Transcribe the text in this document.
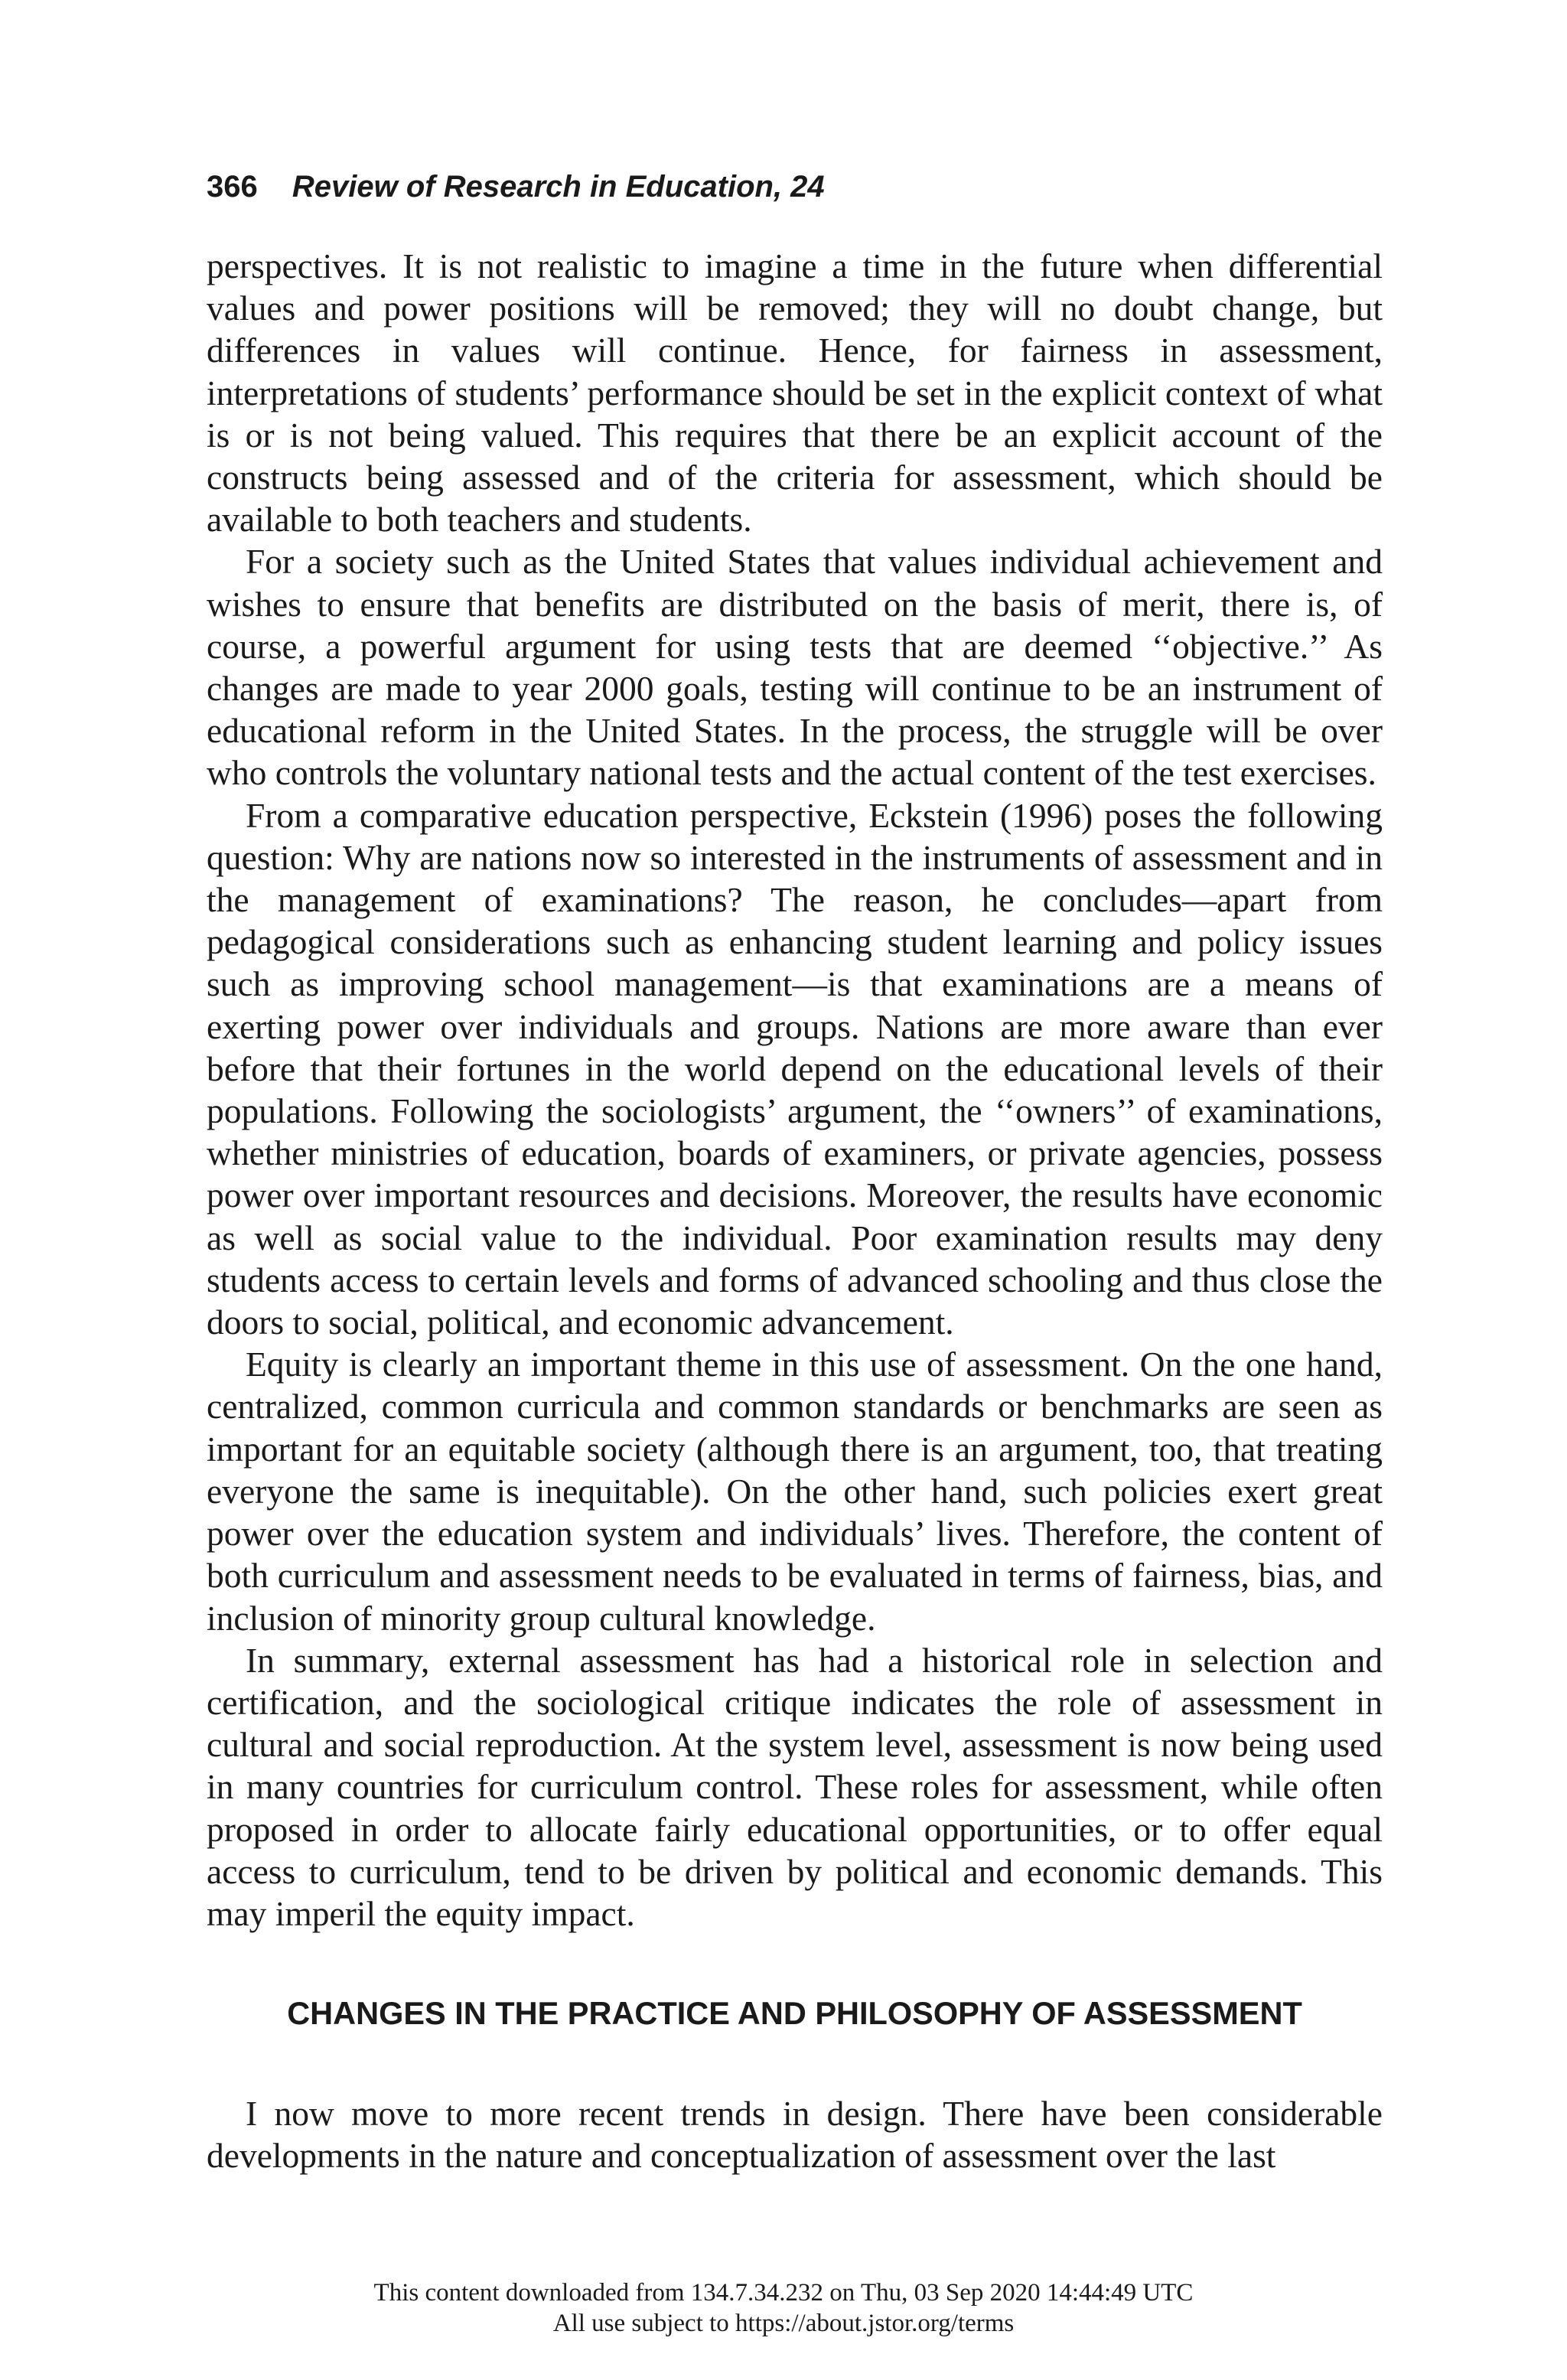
366 Review of Research in Education, 24

perspectives. It is not realistic to imagine a time in the future when differential values and power positions will be removed; they will no doubt change, but differences in values will continue. Hence, for fairness in assessment, interpretations of students’ performance should be set in the explicit context of what is or is not being valued. This requires that there be an explicit account of the constructs being assessed and of the criteria for assessment, which should be available to both teachers and students.

For a society such as the United States that values individual achievement and wishes to ensure that benefits are distributed on the basis of merit, there is, of course, a powerful argument for using tests that are deemed ‘‘objective.’’ As changes are made to year 2000 goals, testing will continue to be an instrument of educational reform in the United States. In the process, the struggle will be over who controls the voluntary national tests and the actual content of the test exercises.

From a comparative education perspective, Eckstein (1996) poses the following question: Why are nations now so interested in the instruments of assessment and in the management of examinations? The reason, he concludes—apart from pedagogical considerations such as enhancing student learning and policy issues such as improving school management—is that examinations are a means of exerting power over individuals and groups. Nations are more aware than ever before that their fortunes in the world depend on the educational levels of their populations. Following the sociologists’ argument, the ‘‘owners’’ of examinations, whether ministries of education, boards of examiners, or private agencies, possess power over important resources and decisions. Moreover, the results have economic as well as social value to the individual. Poor examination results may deny students access to certain levels and forms of advanced schooling and thus close the doors to social, political, and economic advancement.

Equity is clearly an important theme in this use of assessment. On the one hand, centralized, common curricula and common standards or benchmarks are seen as important for an equitable society (although there is an argument, too, that treating everyone the same is inequitable). On the other hand, such policies exert great power over the education system and individuals’ lives. Therefore, the content of both curriculum and assessment needs to be evaluated in terms of fairness, bias, and inclusion of minority group cultural knowledge.

In summary, external assessment has had a historical role in selection and certification, and the sociological critique indicates the role of assessment in cultural and social reproduction. At the system level, assessment is now being used in many countries for curriculum control. These roles for assessment, while often proposed in order to allocate fairly educational opportunities, or to offer equal access to curriculum, tend to be driven by political and economic demands. This may imperil the equity impact.

CHANGES IN THE PRACTICE AND PHILOSOPHY OF ASSESSMENT

I now move to more recent trends in design. There have been considerable developments in the nature and conceptualization of assessment over the last

This content downloaded from 134.7.34.232 on Thu, 03 Sep 2020 14:44:49 UTC
All use subject to https://about.jstor.org/terms
